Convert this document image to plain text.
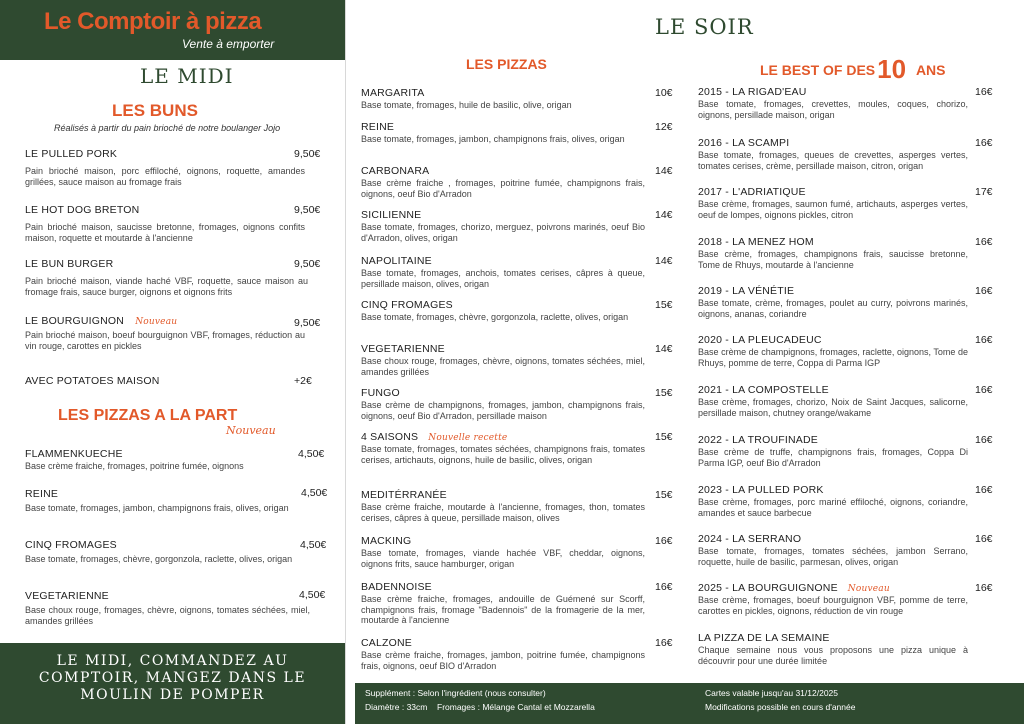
Le Comptoir à pizza
Vente à emporter
LE MIDI
LES BUNS
Réalisés à partir du pain brioché de notre boulanger Jojo
LE PULLED PORK
Pain brioché maison, porc effiloché, oignons, roquette, amandes grillées, sauce maison au fromage frais
9,50€
LE HOT DOG BRETON
Pain brioché maison, saucisse bretonne, fromages, oignons confits maison, roquette et moutarde à l'ancienne
9,50€
LE BUN BURGER
Pain brioché maison, viande haché VBF, roquette, sauce maison au fromage frais, sauce burger, oignons et oignons frits
9,50€
LE BOURGUIGNON Nouveau
Pain brioché maison, boeuf bourguignon VBF, fromages, réduction au vin rouge, carottes en pickles
9,50€
AVEC POTATOES MAISON	+2€
LES PIZZAS A LA PART
Nouveau
FLAMMENKUECHE
Base crème fraiche, fromages, poitrine fumée, oignons
4,50€
REINE
Base tomate, fromages, jambon, champignons frais, olives, origan
4,50€
CINQ FROMAGES
Base tomate, fromages, chèvre, gorgonzola, raclette, olives, origan
4,50€
VEGETARIENNE
Base choux rouge, fromages, chèvre, oignons, tomates séchées, miel, amandes grillées
4,50€
LE MIDI, COMMANDEZ AU
COMPTOIR, MANGEZ DANS LE
MOULIN DE POMPER
LE SOIR
LES PIZZAS	LE BEST OF DES10 ANS
MARGARITA
Base tomate, fromages, huile de basilic, olive, origan
10€
REINE
Base tomate, fromages, jambon, champignons frais, olives, origan
12€
CARBONARA
Base crème fraiche , fromages, poitrine fumée, champignons frais, oignons, oeuf Bio d'Arradon
14€
SICILIENNE
Base tomate, fromages, chorizo, merguez, poivrons marinés, oeuf Bio d'Arradon, olives, origan
14€
NAPOLITAINE
Base tomate, fromages, anchois, tomates cerises, câpres à queue, persillade maison, olives, origan
14€
CINQ FROMAGES
Base tomate, fromages, chèvre, gorgonzola, raclette, olives, origan
15€
VEGETARIENNE
Base choux rouge, fromages, chèvre, oignons, tomates séchées, miel, amandes grillées
14€
FUNGO
Base crème de champignons, fromages, jambon, champignons frais, oignons, oeuf Bio d'Arradon, persillade maison
15€
4 SAISONS Nouvelle recette
Base tomate, fromages, tomates séchées, champignons frais, tomates cerises, artichauts, oignons, huile de basilic, olives, origan
15€
MEDITÉRRANÉE
Base crème fraiche, moutarde à l'ancienne, fromages, thon, tomates cerises, câpres à queue, persillade maison, olives
15€
MACKING
Base tomate, fromages, viande hachée VBF, cheddar, oignons, oignons frits, sauce hamburger, origan
16€
BADENNOISE
Base crème fraiche, fromages, andouille de Guémené sur Scorff, champignons frais, fromage "Badennois" de la fromagerie de la mer, moutarde à l'ancienne
16€
CALZONE
Base crème fraiche, fromages, jambon, poitrine fumée, champignons frais, oignons, oeuf BIO d'Arradon
16€
2015 - LA RIGAD'EAU
Base tomate, fromages, crevettes, moules, coques, chorizo, oignons, persillade maison, origan
16€
2016 - LA SCAMPI
Base tomate, fromages, queues de crevettes, asperges vertes, tomates cerises, crème, persillade maison, citron, origan
16€
2017 - L'ADRIATIQUE
Base crème, fromages, saumon fumé, artichauts, asperges vertes, oeuf de lompes, oignons pickles, citron
17€
2018 - LA MENEZ HOM
Base crème, fromages, champignons frais, saucisse bretonne, Tome de Rhuys, moutarde à l'ancienne
16€
2019 - LA VÉNÉTIE
Base tomate, crème, fromages, poulet au curry, poivrons marinés, oignons, ananas, coriandre
16€
2020 - LA PLEUCADEUC
Base crème de champignons, fromages, raclette, oignons, Tome de Rhuys, pomme de terre, Coppa di Parma IGP
16€
2021 - LA COMPOSTELLE
Base crème, fromages, chorizo, Noix de Saint Jacques, salicorne, persillade maison, chutney orange/wakame
16€
2022 - LA TROUFINADE
Base crème de truffe, champignons frais, fromages, Coppa Di Parma IGP, oeuf Bio d'Arradon
16€
2023 - LA PULLED PORK
Base crème, fromages, porc mariné effiloché, oignons, coriandre, amandes et sauce barbecue
16€
2024 - LA SERRANO
Base tomate, fromages, tomates séchées, jambon Serrano, roquette, huile de basilic, parmesan, olives, origan
16€
2025 - LA BOURGUIGNONE Nouveau
Base crème, fromages, boeuf bourguignon VBF, pomme de terre, carottes en pickles, oignons, réduction de vin rouge
16€
LA PIZZA DE LA SEMAINE
Chaque semaine nous vous proposons une pizza unique à découvrir pour une durée limitée
Supplément : Selon l'ingrédient (nous consulter)
Diamètre : 33cm Fromages : Mélange Cantal et Mozzarella
Cartes valable jusqu'au 31/12/2025
Modifications possible en cours d'année
